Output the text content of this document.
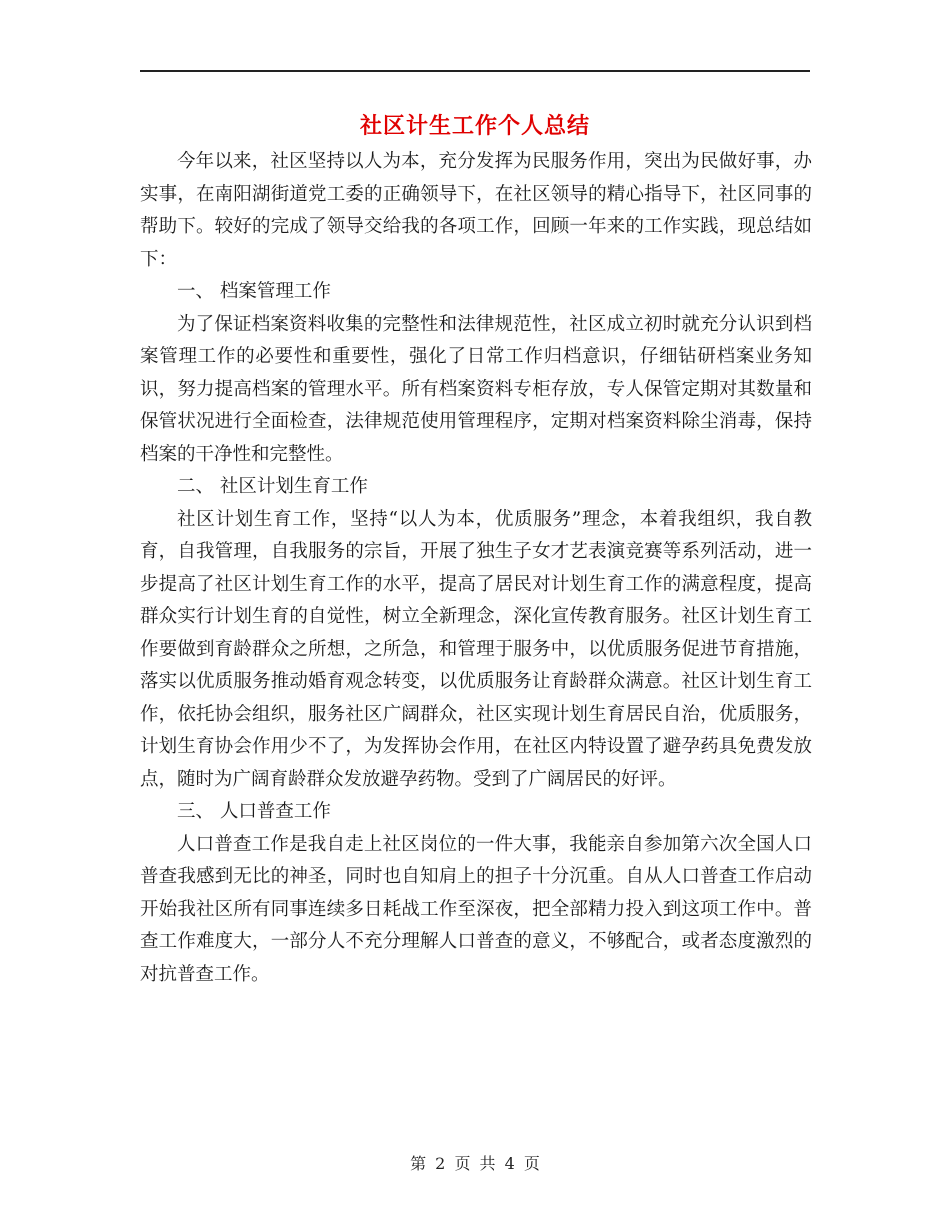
社区计生工作个人总结

今年以来，社区坚持以人为本，充分发挥为民服务作用，突出为民做好事，办实事，在南阳湖街道党工委的正确领导下，在社区领导的精心指导下，社区同事的帮助下。较好的完成了领导交给我的各项工作，回顾一年来的工作实践，现总结如下：

一、 档案管理工作

为了保证档案资料收集的完整性和法律规范性，社区成立初时就充分认识到档案管理工作的必要性和重要性，强化了日常工作归档意识，仔细钻研档案业务知识，努力提高档案的管理水平。所有档案资料专柜存放，专人保管定期对其数量和保管状况进行全面检查，法律规范使用管理程序，定期对档案资料除尘消毒，保持档案的干净性和完整性。

二、 社区计划生育工作

社区计划生育工作，坚持“以人为本，优质服务”理念，本着我组织，我自教育，自我管理，自我服务的宗旨，开展了独生子女才艺表演竞赛等系列活动，进一步提高了社区计划生育工作的水平，提高了居民对计划生育工作的满意程度，提高群众实行计划生育的自觉性，树立全新理念，深化宣传教育服务。社区计划生育工作要做到育龄群众之所想，之所急，和管理于服务中，以优质服务促进节育措施，落实以优质服务推动婚育观念转变，以优质服务让育龄群众满意。社区计划生育工作，依托协会组织，服务社区广阔群众，社区实现计划生育居民自治，优质服务，计划生育协会作用少不了，为发挥协会作用，在社区内特设置了避孕药具免费发放点，随时为广阔育龄群众发放避孕药物。受到了广阔居民的好评。

三、 人口普查工作

人口普查工作是我自走上社区岗位的一件大事，我能亲自参加第六次全国人口普查我感到无比的神圣，同时也自知肩上的担子十分沉重。自从人口普查工作启动开始我社区所有同事连续多日耗战工作至深夜，把全部精力投入到这项工作中。普查工作难度大，一部分人不充分理解人口普查的意义，不够配合，或者态度激烈的对抗普查工作。

第 2 页 共 4 页
